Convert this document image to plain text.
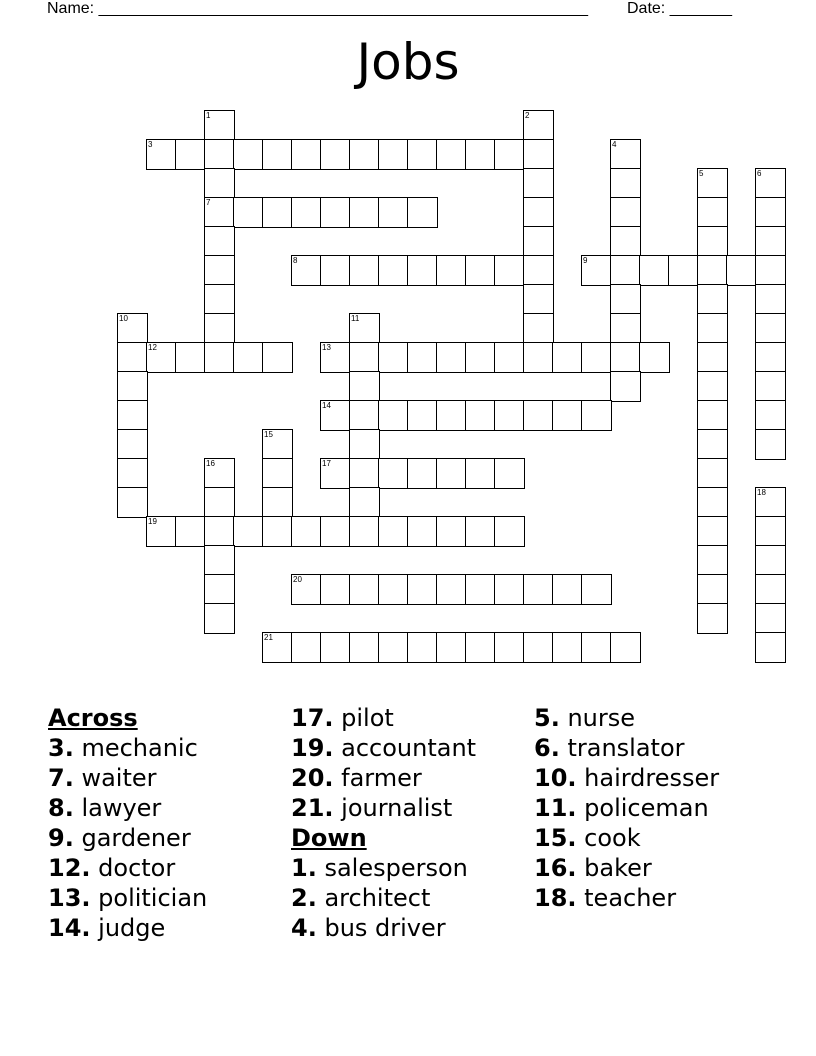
Name: _______________________________________________________ Date: _______
Jobs
1	2
3	4
5	6
7
8	9
10	11
12	13
14
15
16	17
18
19
20
21
Across
3. mechanic
7. waiter
8. lawyer
9. gardener
12. doctor
13. politician
14. judge
17. pilot
19. accountant
20. farmer
21. journalist
Down
1. salesperson
2. architect
4. bus driver
5. nurse
6. translator
10. hairdresser
11. policeman
15. cook
16. baker
18. teacher
